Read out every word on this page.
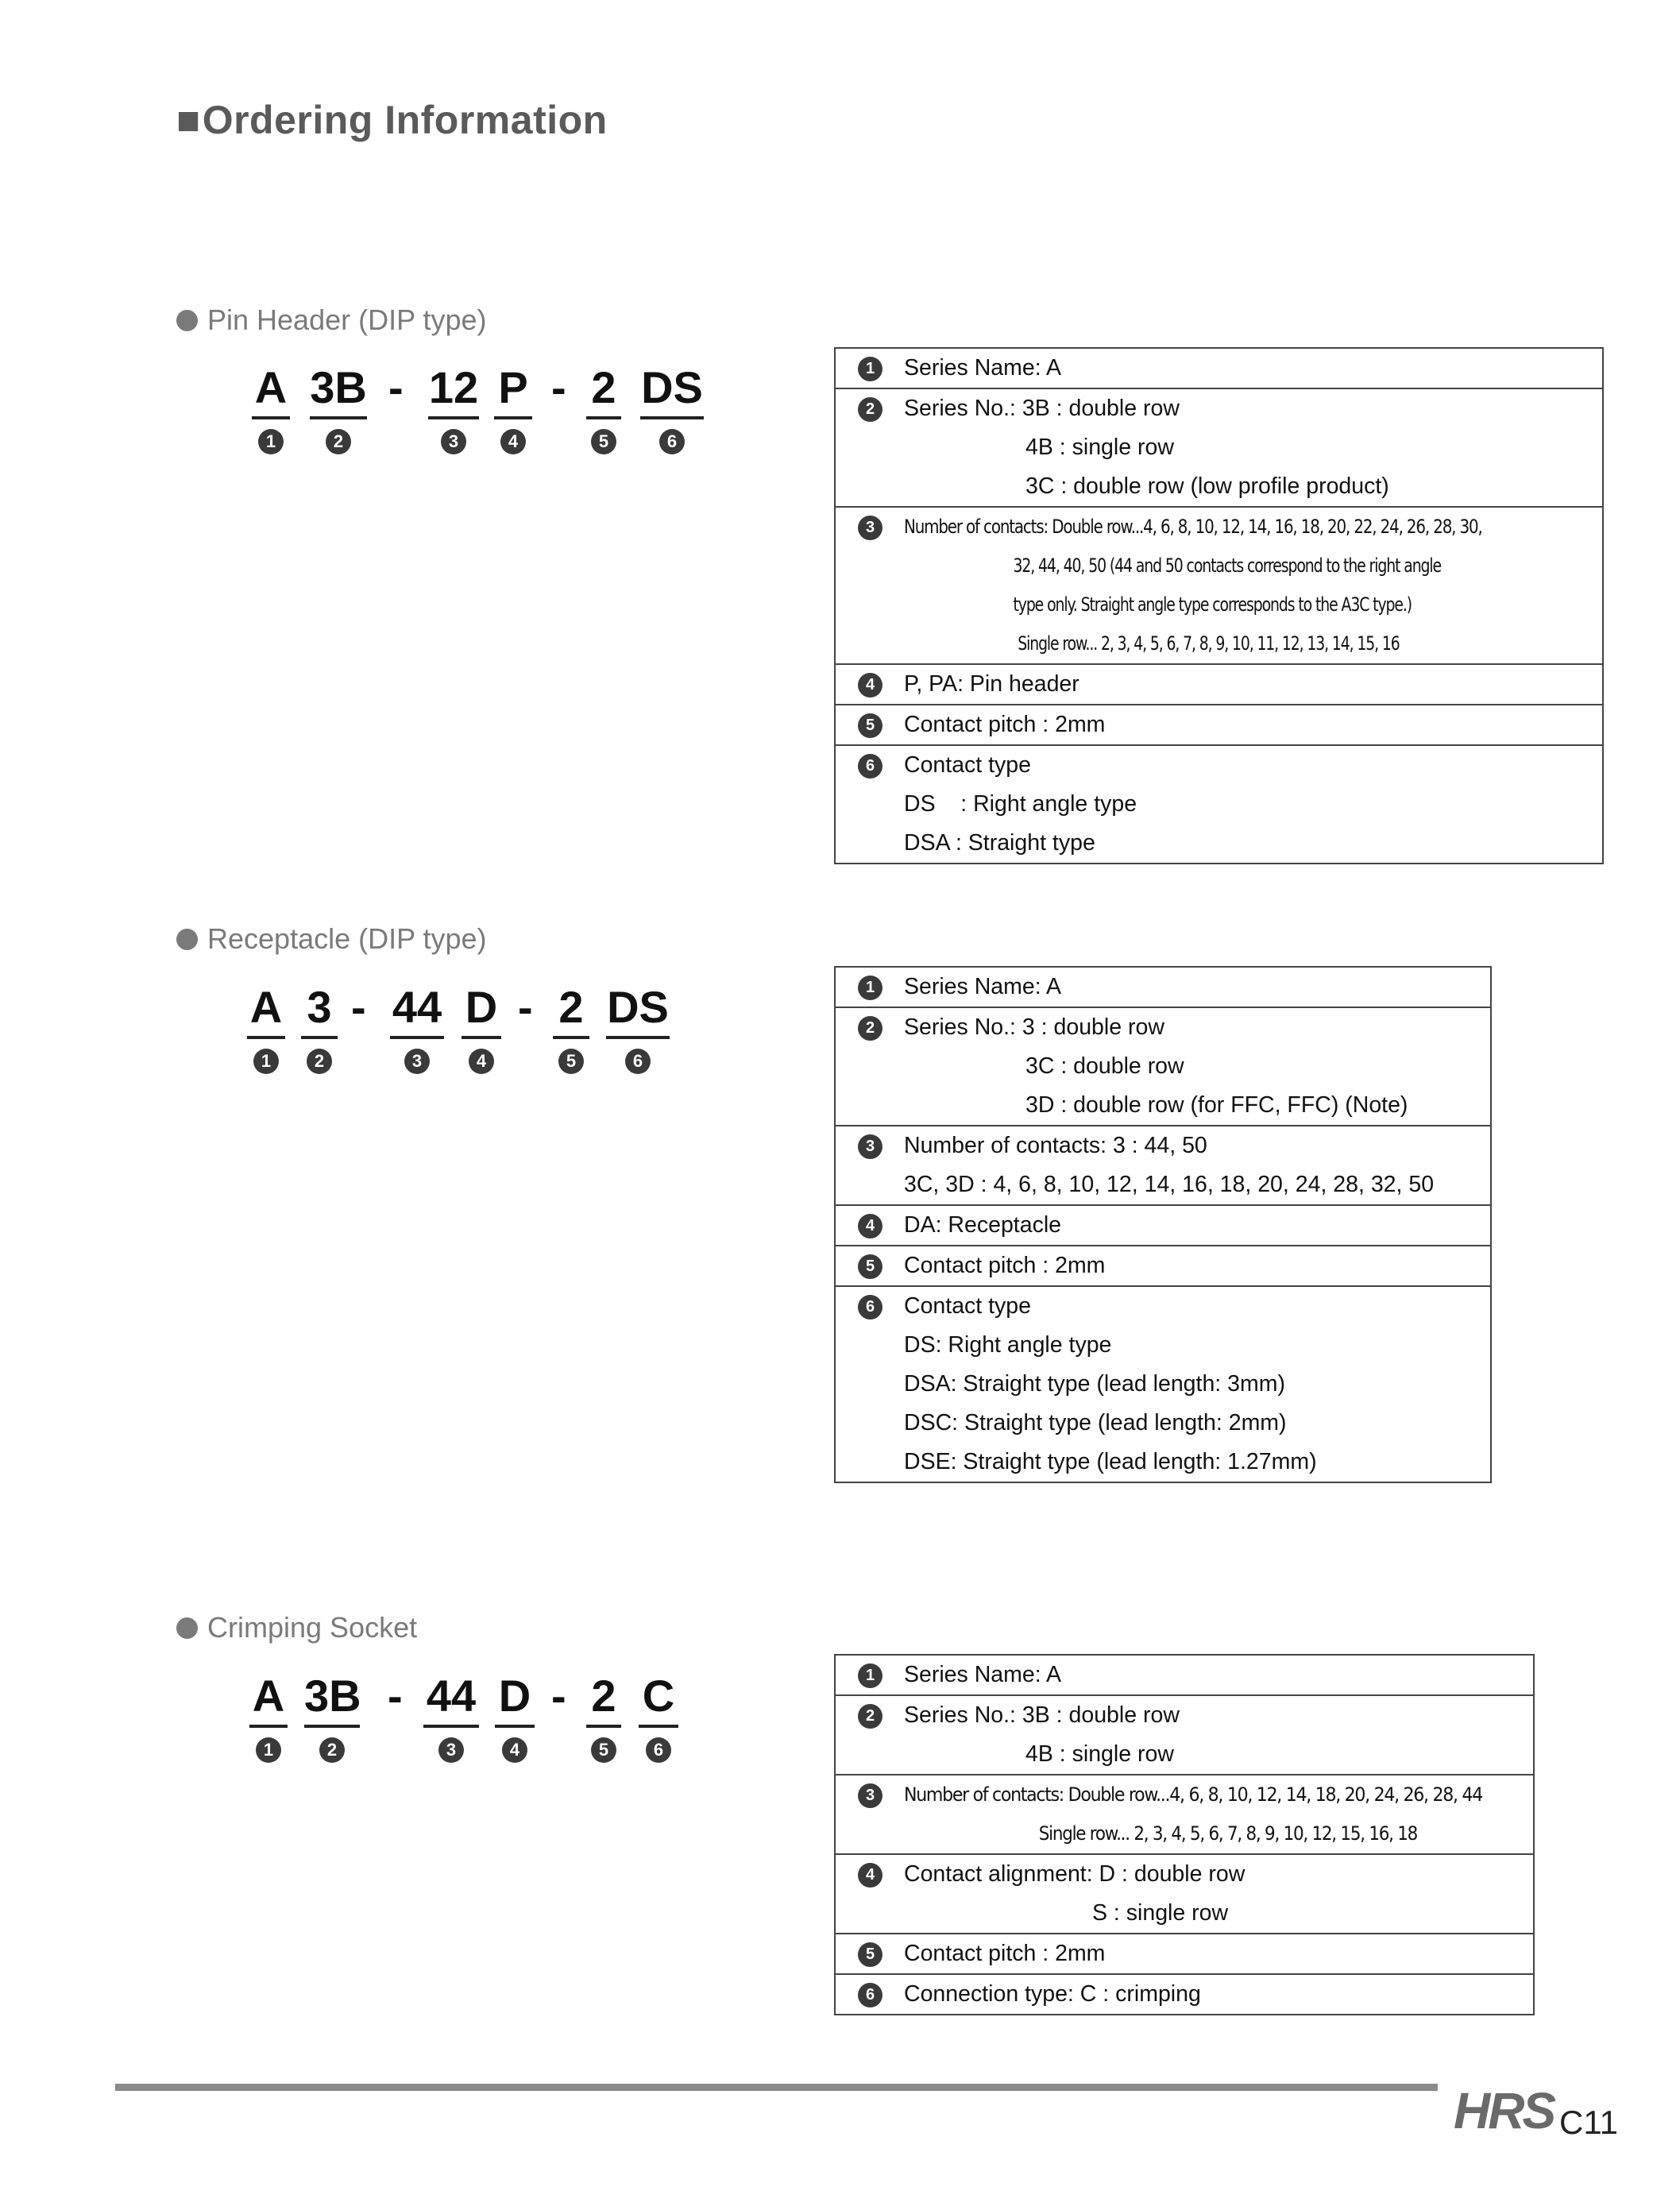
■Ordering Information
Pin Header (DIP type)
A
1
3B
2
- 12
3
P
4
- 2
5
DS
6
1	Series Name: A

2	Series No.: 3B : double row
4B : single row
3C : double row (low profile product)

3	Number of contacts: Double row...4, 6, 8, 10, 12, 14, 16, 18, 20, 22, 24, 26, 28, 30,
32, 44, 40, 50 (44 and 50 contacts correspond to the right angle
type only. Straight angle type corresponds to the A3C type.)
Single row... 2, 3, 4, 5, 6, 7, 8, 9, 10, 11, 12, 13, 14, 15, 16

4	P, PA: Pin header

5	Contact pitch : 2mm

6	Contact type
DS    : Right angle type
DSA : Straight type
Receptacle (DIP type)
A
1
3
2
- 44
3
D
4
- 2
5
DS
6
1	Series Name: A

2	Series No.: 3 : double row
3C : double row
3D : double row (for FFC, FFC) (Note)

3	Number of contacts: 3 : 44, 50
3C, 3D : 4, 6, 8, 10, 12, 14, 16, 18, 20, 24, 28, 32, 50

4	DA: Receptacle

5	Contact pitch : 2mm

6	Contact type
DS: Right angle type
DSA: Straight type (lead length: 3mm)
DSC: Straight type (lead length: 2mm)
DSE: Straight type (lead length: 1.27mm)
Crimping Socket
A
1
3B
2
- 44
3
D
4
- 2
5
C
6
1	Series Name: A

2	Series No.: 3B : double row
4B : single row

3	Number of contacts: Double row...4, 6, 8, 10, 12, 14, 18, 20, 24, 26, 28, 44
Single row... 2, 3, 4, 5, 6, 7, 8, 9, 10, 12, 15, 16, 18

4	Contact alignment: D : double row
S : single row

5	Contact pitch : 2mm

6	Connection type: C : crimping
HRS C11
